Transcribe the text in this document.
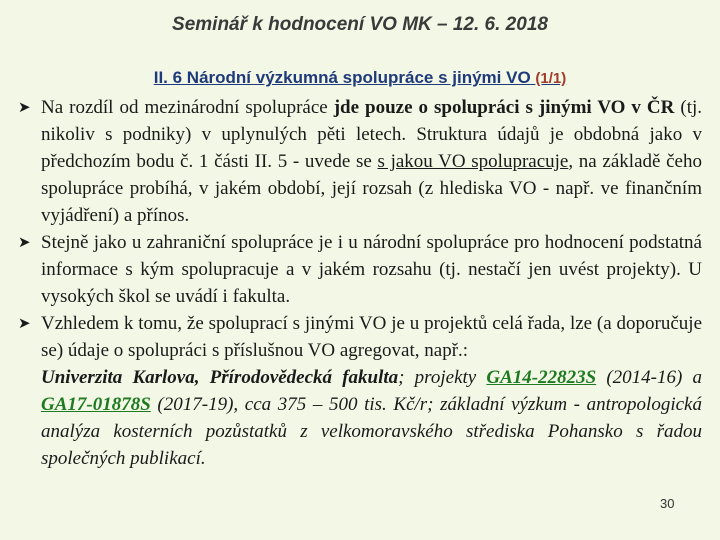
Seminář k hodnocení VO MK – 12. 6. 2018
II. 6 Národní výzkumná spolupráce s jinými VO (1/1)
➤ Na rozdíl od mezinárodní spolupráce jde pouze o spolupráci s jinými VO v ČR (tj. nikoliv s podniky) v uplynulých pěti letech. Struktura údajů je obdobná jako v předchozím bodu č. 1 části II. 5 - uvede se s jakou VO spolupracuje, na základě čeho spolupráce probíhá, v jakém období, její rozsah (z hlediska VO - např. ve finančním vyjádření) a přínos.
➤ Stejně jako u zahraniční spolupráce je i u národní spolupráce pro hodnocení podstatná informace s kým spolupracuje a v jakém rozsahu (tj. nestačí jen uvést projekty). U vysokých škol se uvádí i fakulta.
➤ Vzhledem k tomu, že spoluprací s jinými VO je u projektů celá řada, lze (a doporučuje se) údaje o spolupráci s příslušnou VO agregovat, např.:
Univerzita Karlova, Přírodovědecká fakulta; projekty GA14-22823S (2014-16) a GA17-01878S (2017-19), cca 375 – 500 tis. Kč/r; základní výzkum - antropologická analýza kosterních pozůstatků z velkomoravského střediska Pohansko s řadou společných publikací.
30
